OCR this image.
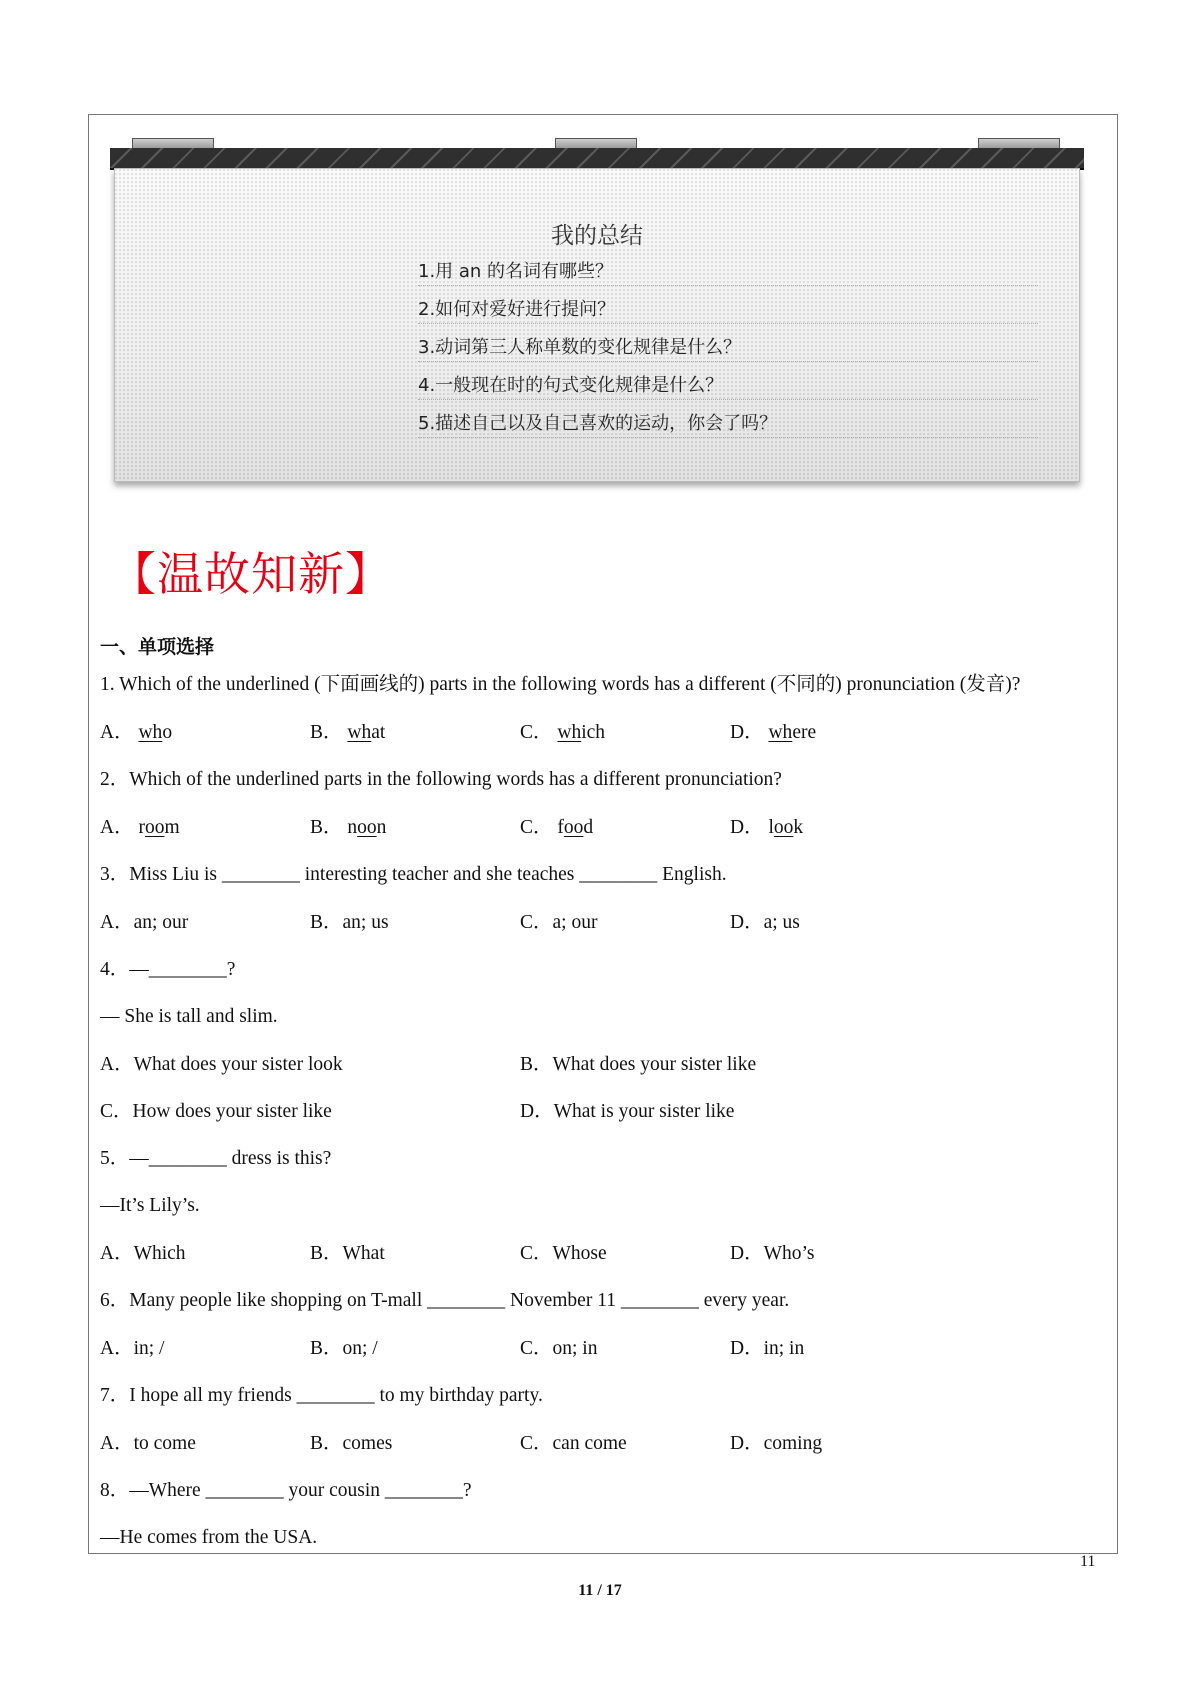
我的总结
1.用 an 的名词有哪些？
2.如何对爱好进行提问？
3.动词第三人称单数的变化规律是什么？
4.一般现在时的句式变化规律是什么？
5.描述自己以及自己喜欢的运动，你会了吗？
【温故知新】
一、单项选择
1. Which of the underlined (下面画线的) parts in the following words has a different (不同的) pronunciation (发音)?
A． who	B． what	C． which	D． where
2．Which of the underlined parts in the following words has a different pronunciation?
A． room	B． noon	C． food	D． look
3．Miss Liu is ________ interesting teacher and she teaches ________ English.
A．an; our	B．an; us	C．a; our	D．a; us
4．—________?
— She is tall and slim.
A．What does your sister look	B．What does your sister like
C．How does your sister like	D．What is your sister like
5．—________ dress is this?
—It’s Lily’s.
A．Which	B．What	C．Whose	D．Who’s
6．Many people like shopping on T-mall ________ November 11 ________ every year.
A．in; /	B．on; /	C．on; in	D．in; in
7．I hope all my friends ________ to my birthday party.
A．to come	B．comes	C．can come	D．coming
8．—Where ________ your cousin ________?
—He comes from the USA.
11
11 / 17
